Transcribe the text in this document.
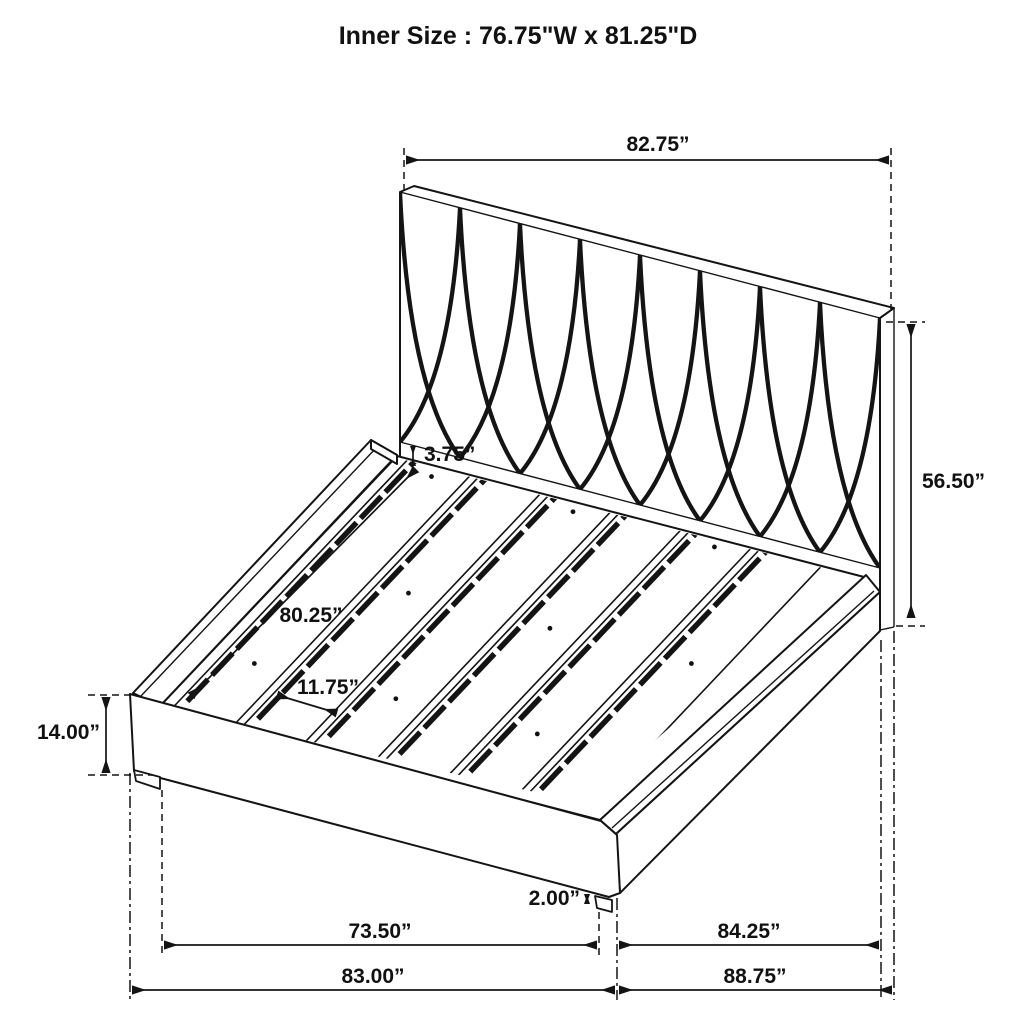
Inner Size : 76.75"W x 81.25"D
82.75”
56.50”
3.75”
80.25”
11.75”
14.00”
2.00”
73.50”	84.25”
83.00”	88.75”
